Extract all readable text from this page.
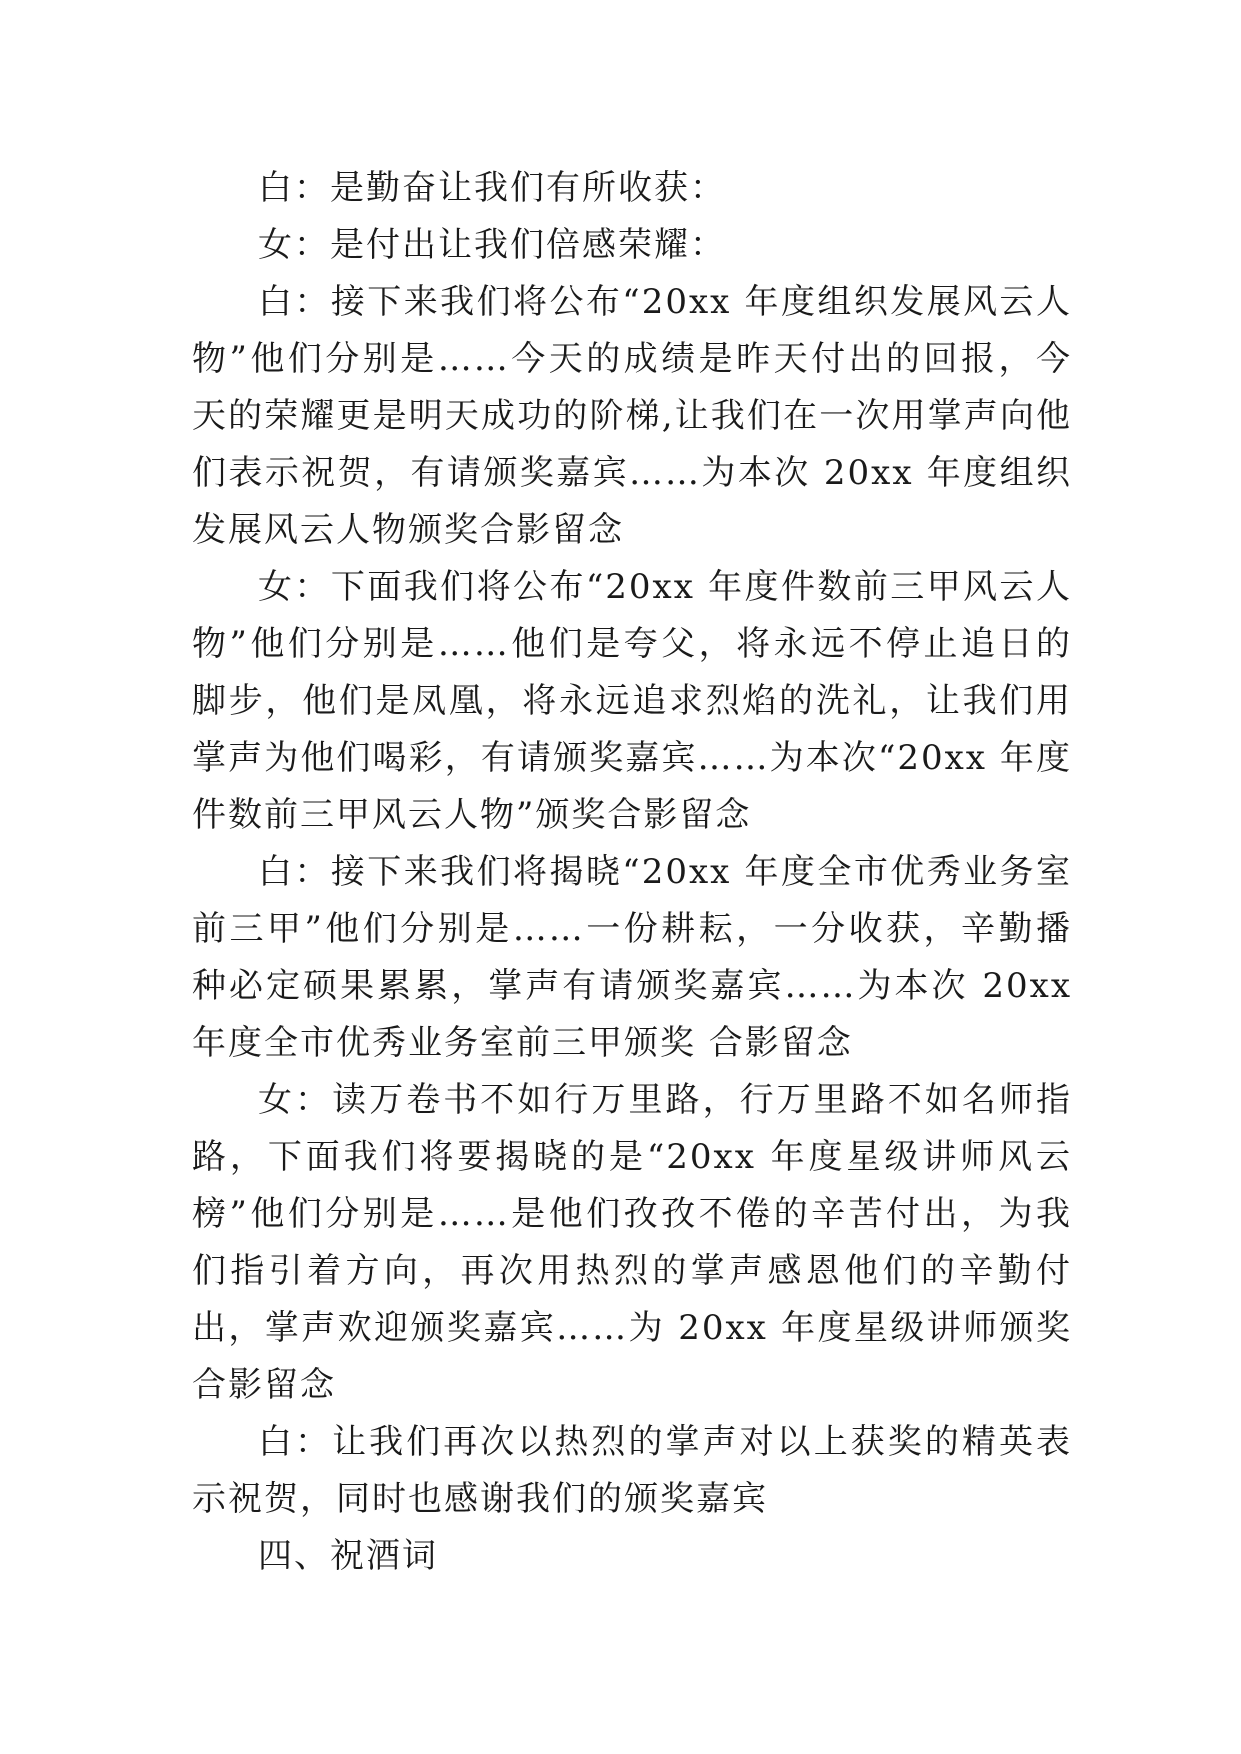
白：是勤奋让我们有所收获：

女：是付出让我们倍感荣耀：

白：接下来我们将公布“20xx 年度组织发展风云人物”他们分别是……今天的成绩是昨天付出的回报，今天的荣耀更是明天成功的阶梯,让我们在一次用掌声向他们表示祝贺，有请颁奖嘉宾……为本次 20xx 年度组织发展风云人物颁奖合影留念

女：下面我们将公布“20xx 年度件数前三甲风云人物”他们分别是……他们是夸父，将永远不停止追日的脚步，他们是凤凰，将永远追求烈焰的洗礼，让我们用掌声为他们喝彩，有请颁奖嘉宾……为本次“20xx 年度件数前三甲风云人物”颁奖合影留念

白：接下来我们将揭晓“20xx 年度全市优秀业务室前三甲”他们分别是……一份耕耘，一分收获，辛勤播种必定硕果累累，掌声有请颁奖嘉宾……为本次 20xx 年度全市优秀业务室前三甲颁奖 合影留念

女：读万卷书不如行万里路，行万里路不如名师指路，下面我们将要揭晓的是“20xx 年度星级讲师风云榜”他们分别是……是他们孜孜不倦的辛苦付出，为我们指引着方向，再次用热烈的掌声感恩他们的辛勤付出，掌声欢迎颁奖嘉宾……为 20xx 年度星级讲师颁奖 合影留念

白：让我们再次以热烈的掌声对以上获奖的精英表示祝贺，同时也感谢我们的颁奖嘉宾

四、祝酒词
